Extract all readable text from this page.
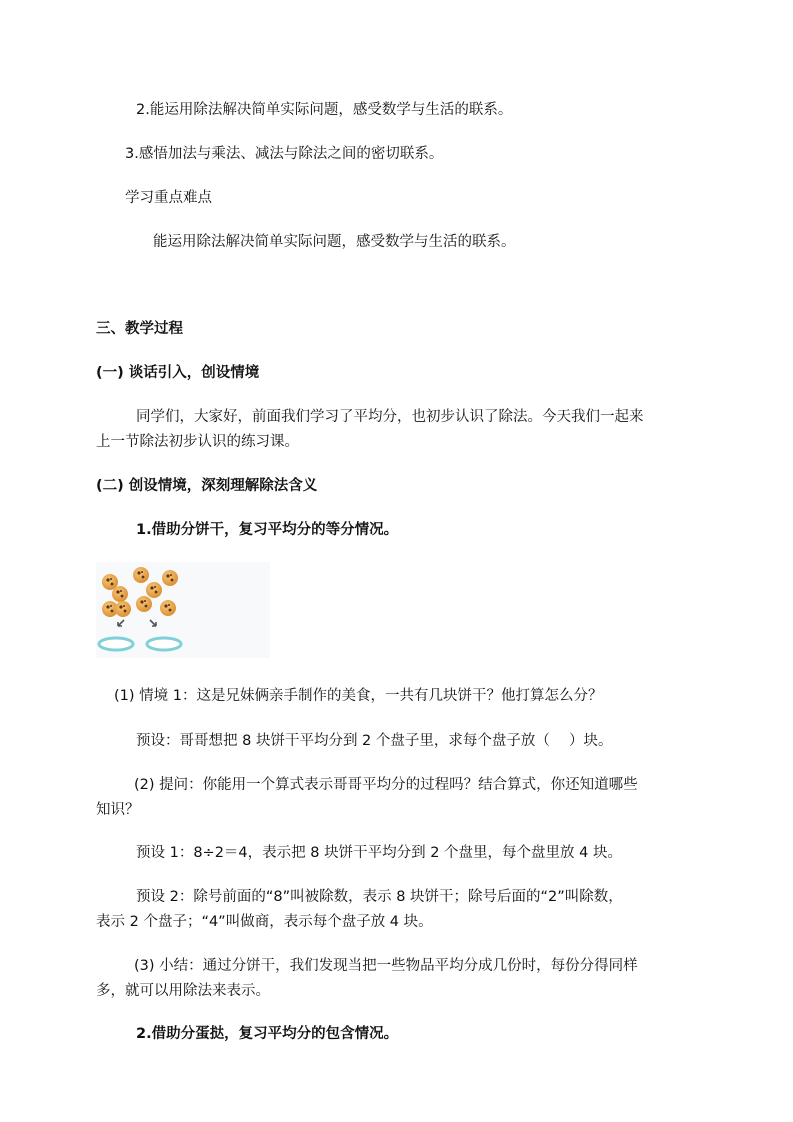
2.能运用除法解决简单实际问题，感受数学与生活的联系。
3.感悟加法与乘法、减法与除法之间的密切联系。
学习重点难点
能运用除法解决简单实际问题，感受数学与生活的联系。
三、教学过程
(一) 谈话引入，创设情境
同学们，大家好，前面我们学习了平均分，也初步认识了除法。今天我们一起来
上一节除法初步认识的练习课。
(二) 创设情境，深刻理解除法含义
1.借助分饼干，复习平均分的等分情况。
(1) 情境 1：这是兄妹俩亲手制作的美食，一共有几块饼干？他打算怎么分？
预设：哥哥想把 8 块饼干平均分到 2 个盘子里，求每个盘子放（　 ）块。
(2) 提问：你能用一个算式表示哥哥平均分的过程吗？结合算式，你还知道哪些
知识？
预设 1：8÷2＝4，表示把 8 块饼干平均分到 2 个盘里，每个盘里放 4 块。
预设 2：除号前面的“8”叫被除数，表示 8 块饼干；除号后面的“2”叫除数，
表示 2 个盘子；“4”叫做商，表示每个盘子放 4 块。
(3) 小结：通过分饼干，我们发现当把一些物品平均分成几份时，每份分得同样
多，就可以用除法来表示。
2.借助分蛋挞，复习平均分的包含情况。
